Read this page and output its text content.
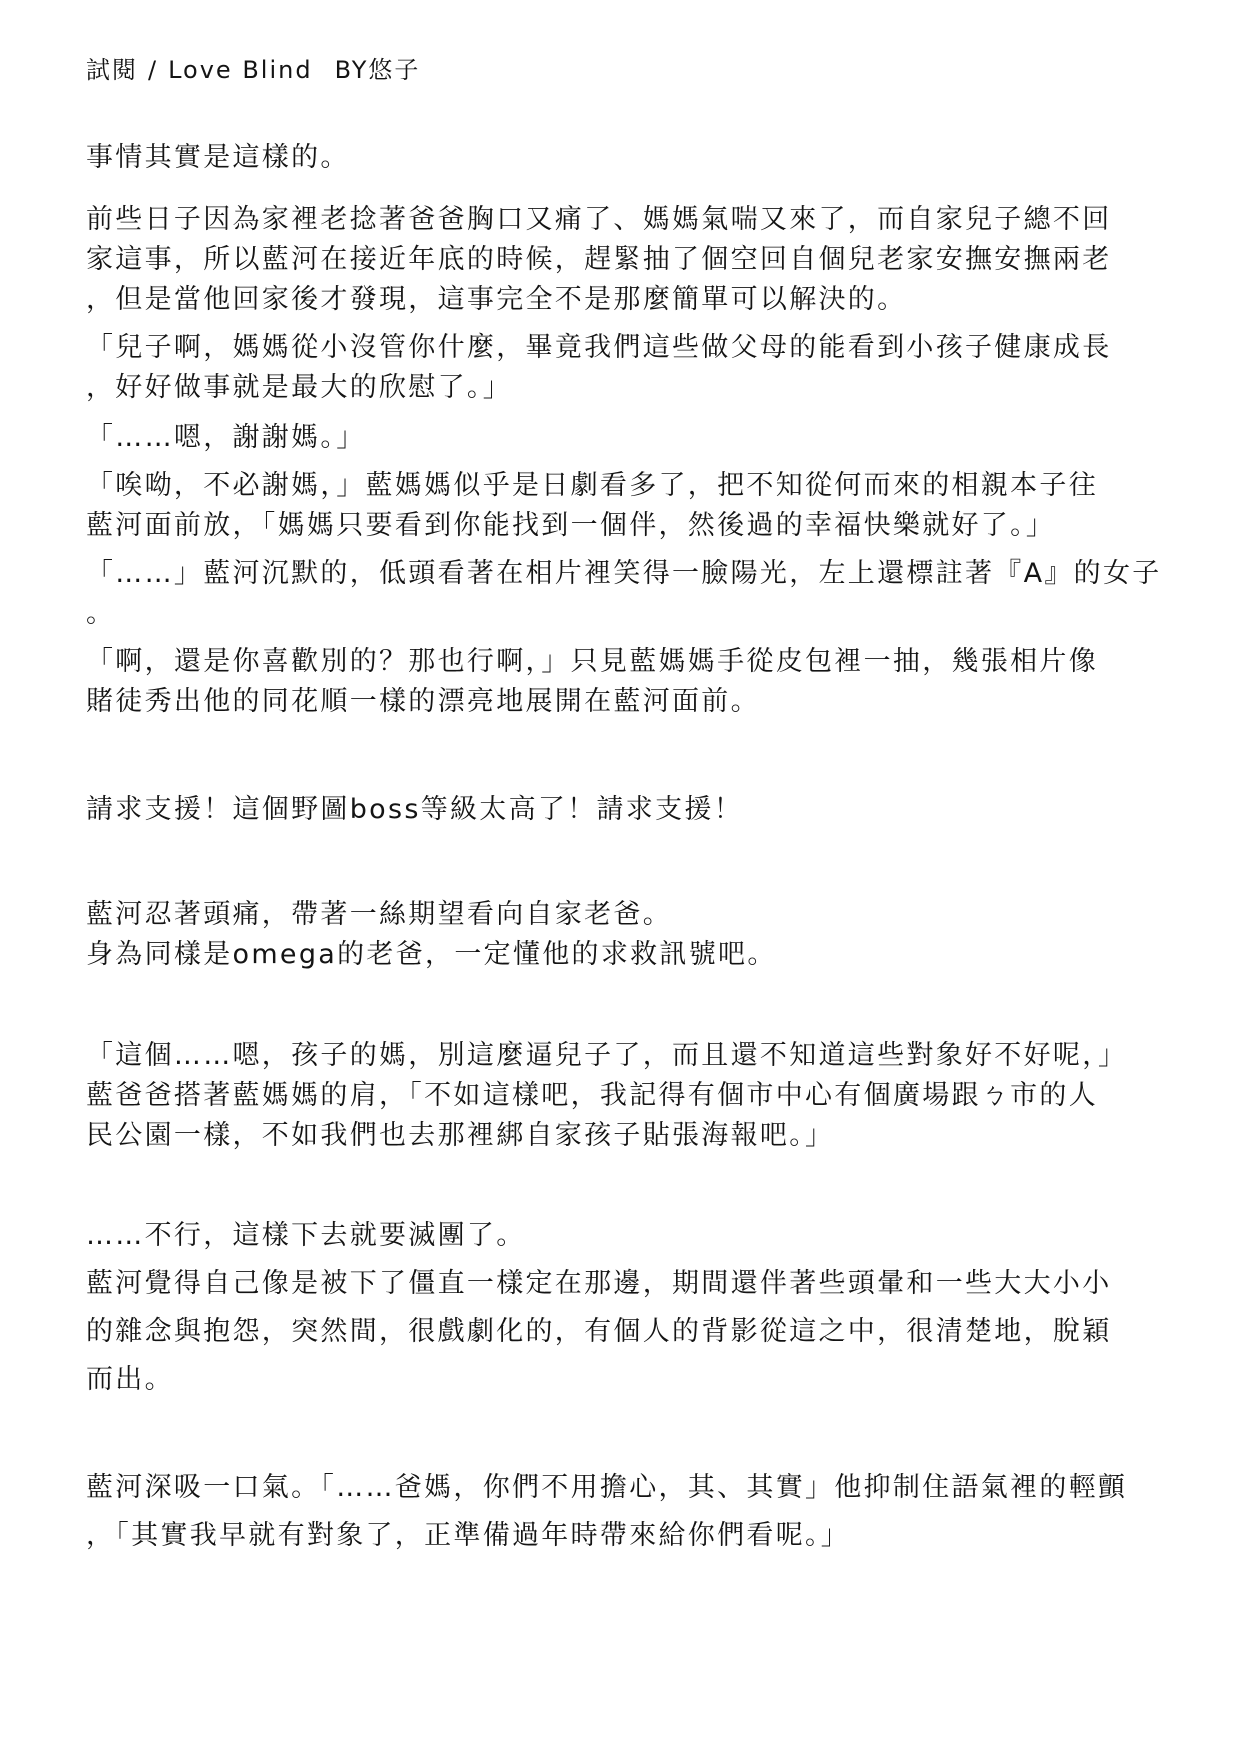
試閱 / Love Blind BY悠子
事情其實是這樣的。
前些日子因為家裡老捻著爸爸胸口又痛了、媽媽氣喘又來了，而自家兒子總不回
家這事，所以藍河在接近年底的時候，趕緊抽了個空回自個兒老家安撫安撫兩老
，但是當他回家後才發現，這事完全不是那麼簡單可以解決的。
「兒子啊，媽媽從小沒管你什麼，畢竟我們這些做父母的能看到小孩子健康成長
，好好做事就是最大的欣慰了。」
「……嗯，謝謝媽。」
「唉呦，不必謝媽，」藍媽媽似乎是日劇看多了，把不知從何而來的相親本子往
藍河面前放，「媽媽只要看到你能找到一個伴，然後過的幸福快樂就好了。」
「……」藍河沉默的，低頭看著在相片裡笑得一臉陽光，左上還標註著『A』的女子
。
「啊，還是你喜歡別的？那也行啊，」只見藍媽媽手從皮包裡一抽，幾張相片像
賭徒秀出他的同花順一樣的漂亮地展開在藍河面前。
請求支援！這個野圖boss等級太高了！請求支援！
藍河忍著頭痛，帶著一絲期望看向自家老爸。
身為同樣是omega的老爸，一定懂他的求救訊號吧。
「這個……嗯，孩子的媽，別這麼逼兒子了，而且還不知道這些對象好不好呢，」
藍爸爸搭著藍媽媽的肩，「不如這樣吧，我記得有個市中心有個廣場跟ㄅ市的人
民公園一樣，不如我們也去那裡綁自家孩子貼張海報吧。」
……不行，這樣下去就要滅團了。
藍河覺得自己像是被下了僵直一樣定在那邊，期間還伴著些頭暈和一些大大小小
的雜念與抱怨，突然間，很戲劇化的，有個人的背影從這之中，很清楚地，脫穎
而出。
藍河深吸一口氣。「……爸媽，你們不用擔心，其、其實」他抑制住語氣裡的輕顫
，「其實我早就有對象了，正準備過年時帶來給你們看呢。」
